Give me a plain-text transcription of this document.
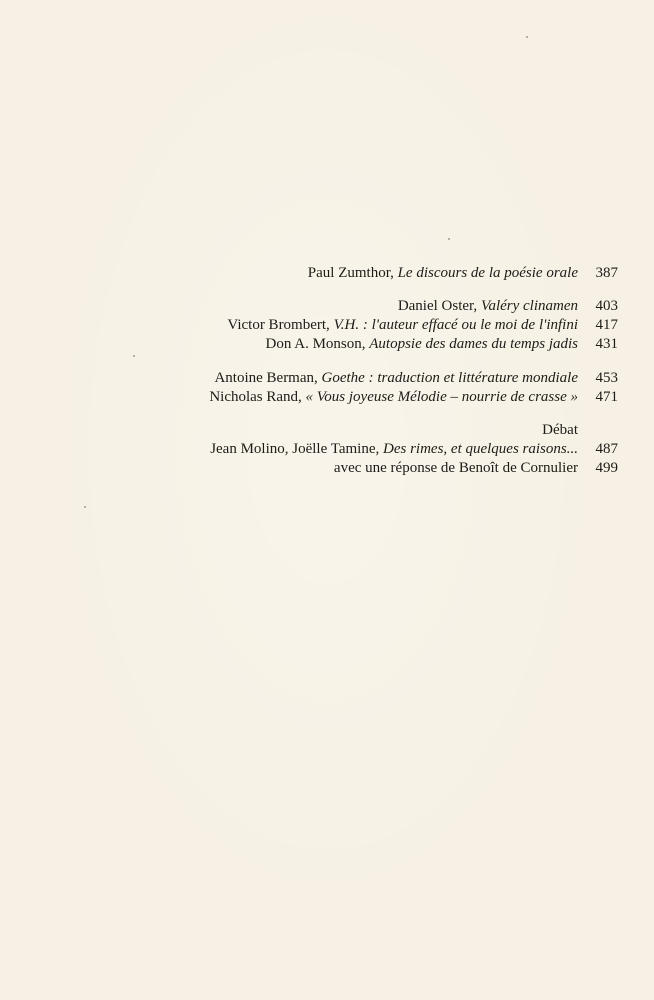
Paul Zumthor, Le discours de la poésie orale	387
Daniel Oster, Valéry clinamen	403
Victor Brombert, V.H. : l'auteur effacé ou le moi de l'infini	417
Don A. Monson, Autopsie des dames du temps jadis	431
Antoine Berman, Goethe : traduction et littérature mondiale	453
Nicholas Rand, « Vous joyeuse Mélodie – nourrie de crasse »	471
Débat
Jean Molino, Joëlle Tamine, Des rimes, et quelques raisons...	487
avec une réponse de Benoît de Cornulier	499
